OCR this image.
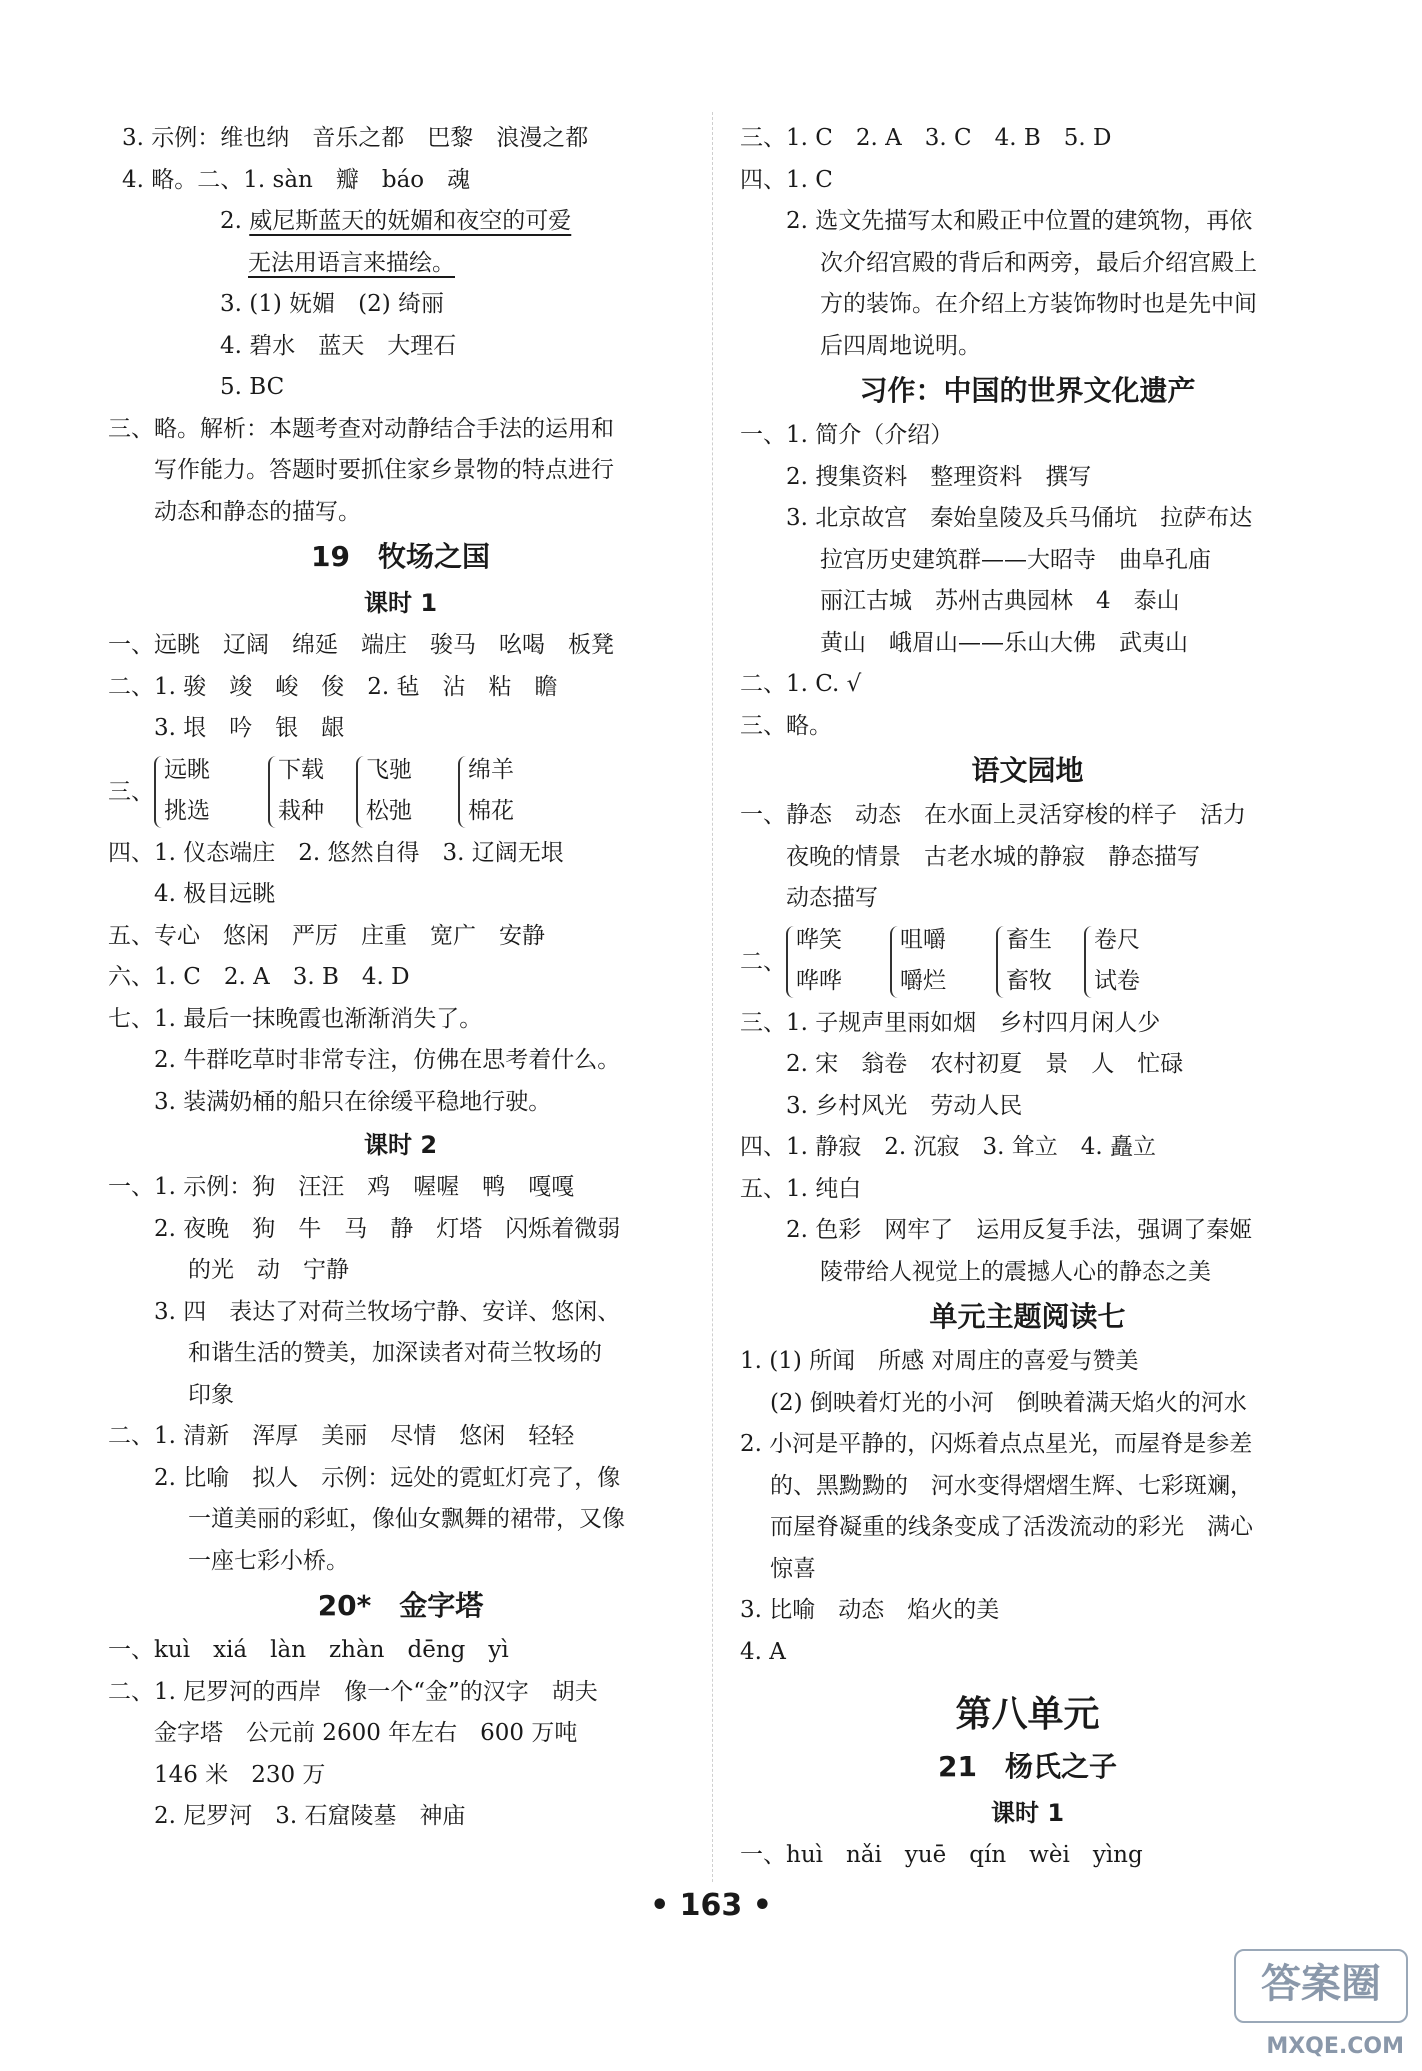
3. 示例：维也纳　音乐之都　巴黎　浪漫之都
4. 略。二、1. sàn　瓣　báo　魂
2. 威尼斯蓝天的妩媚和夜空的可爱
无法用语言来描绘。
3. (1) 妩媚　(2) 绮丽
4. 碧水　蓝天　大理石
5. BC
三、略。解析：本题考查对动静结合手法的运用和
写作能力。答题时要抓住家乡景物的特点进行
动态和静态的描写。
19　牧场之国
课时 1
一、远眺　辽阔　绵延　端庄　骏马　吆喝　板凳
二、1. 骏　竣　峻　俊　2. 毡　沾　粘　瞻
3. 垠　吟　银　龈
三、
远眺
挑选
下载
栽种
飞驰
松弛
绵羊
棉花
四、1. 仪态端庄　2. 悠然自得　3. 辽阔无垠
4. 极目远眺
五、专心　悠闲　严厉　庄重　宽广　安静
六、1. C　2. A　3. B　4. D
七、1. 最后一抹晚霞也渐渐消失了。
2. 牛群吃草时非常专注，仿佛在思考着什么。
3. 装满奶桶的船只在徐缓平稳地行驶。
课时 2
一、1. 示例：狗　汪汪　鸡　喔喔　鸭　嘎嘎
2. 夜晚　狗　牛　马　静　灯塔　闪烁着微弱
的光　动　宁静
3. 四　表达了对荷兰牧场宁静、安详、悠闲、
和谐生活的赞美，加深读者对荷兰牧场的
印象
二、1. 清新　浑厚　美丽　尽情　悠闲　轻轻
2. 比喻　拟人　示例：远处的霓虹灯亮了，像
一道美丽的彩虹，像仙女飘舞的裙带，又像
一座七彩小桥。
20*　金字塔
一、kuì　xiá　làn　zhàn　dēng　yì
二、1. 尼罗河的西岸　像一个“金”的汉字　胡夫
金字塔　公元前 2600 年左右　600 万吨
146 米　230 万
2. 尼罗河　3. 石窟陵墓　神庙
三、1. C　2. A　3. C　4. B　5. D
四、1. C
2. 选文先描写太和殿正中位置的建筑物，再依
次介绍宫殿的背后和两旁，最后介绍宫殿上
方的装饰。在介绍上方装饰物时也是先中间
后四周地说明。
习作：中国的世界文化遗产
一、1. 简介（介绍）
2. 搜集资料　整理资料　撰写
3. 北京故宫　秦始皇陵及兵马俑坑　拉萨布达
拉宫历史建筑群——大昭寺　曲阜孔庙
丽江古城　苏州古典园林　4　泰山
黄山　峨眉山——乐山大佛　武夷山
二、1. C. √
三、略。
语文园地
一、静态　动态　在水面上灵活穿梭的样子　活力
夜晚的情景　古老水城的静寂　静态描写
动态描写
二、
哗笑
哗哗
咀嚼
嚼烂
畜生
畜牧
卷尺
试卷
三、1. 子规声里雨如烟　乡村四月闲人少
2. 宋　翁卷　农村初夏　景　人　忙碌
3. 乡村风光　劳动人民
四、1. 静寂　2. 沉寂　3. 耸立　4. 矗立
五、1. 纯白
2. 色彩　网牢了　运用反复手法，强调了秦姬
陵带给人视觉上的震撼人心的静态之美
单元主题阅读七
1. (1) 所闻　所感 对周庄的喜爱与赞美
(2) 倒映着灯光的小河　倒映着满天焰火的河水
2. 小河是平静的，闪烁着点点星光，而屋脊是参差
的、黑黝黝的　河水变得熠熠生辉、七彩斑斓，
而屋脊凝重的线条变成了活泼流动的彩光　满心
惊喜
3. 比喻　动态　焰火的美
4. A
第八单元
21　杨氏之子
课时 1
一、huì　nǎi　yuē　qín　wèi　yìng
• 163 •
答案圈
MXQE.COM
